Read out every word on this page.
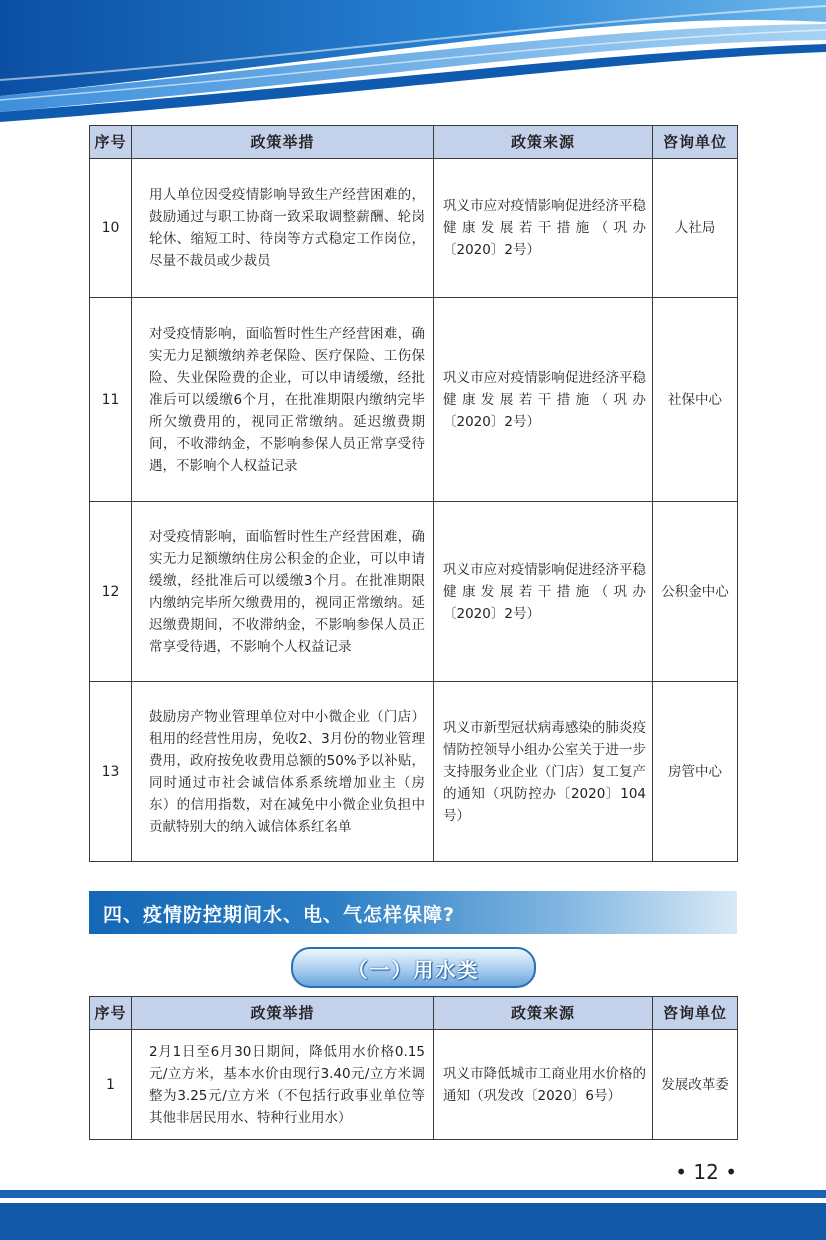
序号	政策举措	政策来源	咨询单位
10	用人单位因受疫情影响导致生产经营困难的，鼓励通过与职工协商一致采取调整薪酬、轮岗轮休、缩短工时、待岗等方式稳定工作岗位，尽量不裁员或少裁员	巩义市应对疫情影响促进经济平稳健康发展若干措施（巩办〔2020〕2号）	人社局
11	对受疫情影响，面临暂时性生产经营困难，确实无力足额缴纳养老保险、医疗保险、工伤保险、失业保险费的企业，可以申请缓缴，经批准后可以缓缴6个月，在批准期限内缴纳完毕所欠缴费用的，视同正常缴纳。延迟缴费期间，不收滞纳金，不影响参保人员正常享受待遇，不影响个人权益记录	巩义市应对疫情影响促进经济平稳健康发展若干措施（巩办〔2020〕2号）	社保中心
12	对受疫情影响，面临暂时性生产经营困难，确实无力足额缴纳住房公积金的企业，可以申请缓缴，经批准后可以缓缴3个月。在批准期限内缴纳完毕所欠缴费用的，视同正常缴纳。延迟缴费期间，不收滞纳金，不影响参保人员正常享受待遇，不影响个人权益记录	巩义市应对疫情影响促进经济平稳健康发展若干措施（巩办〔2020〕2号）	公积金中心
13	鼓励房产物业管理单位对中小微企业（门店）租用的经营性用房，免收2、3月份的物业管理费用，政府按免收费用总额的50%予以补贴，同时通过市社会诚信体系系统增加业主（房东）的信用指数，对在减免中小微企业负担中贡献特别大的纳入诚信体系红名单	巩义市新型冠状病毒感染的肺炎疫情防控领导小组办公室关于进一步支持服务业企业（门店）复工复产的通知（巩防控办〔2020〕104号）	房管中心
四、疫情防控期间水、电、气怎样保障?
（一）用水类
序号	政策举措	政策来源	咨询单位
1	2月1日至6月30日期间，降低用水价格0.15元/立方米，基本水价由现行3.40元/立方米调整为3.25元/立方米（不包括行政事业单位等其他非居民用水、特种行业用水）	巩义市降低城市工商业用水价格的通知（巩发改〔2020〕6号）	发展改革委
• 12 •
